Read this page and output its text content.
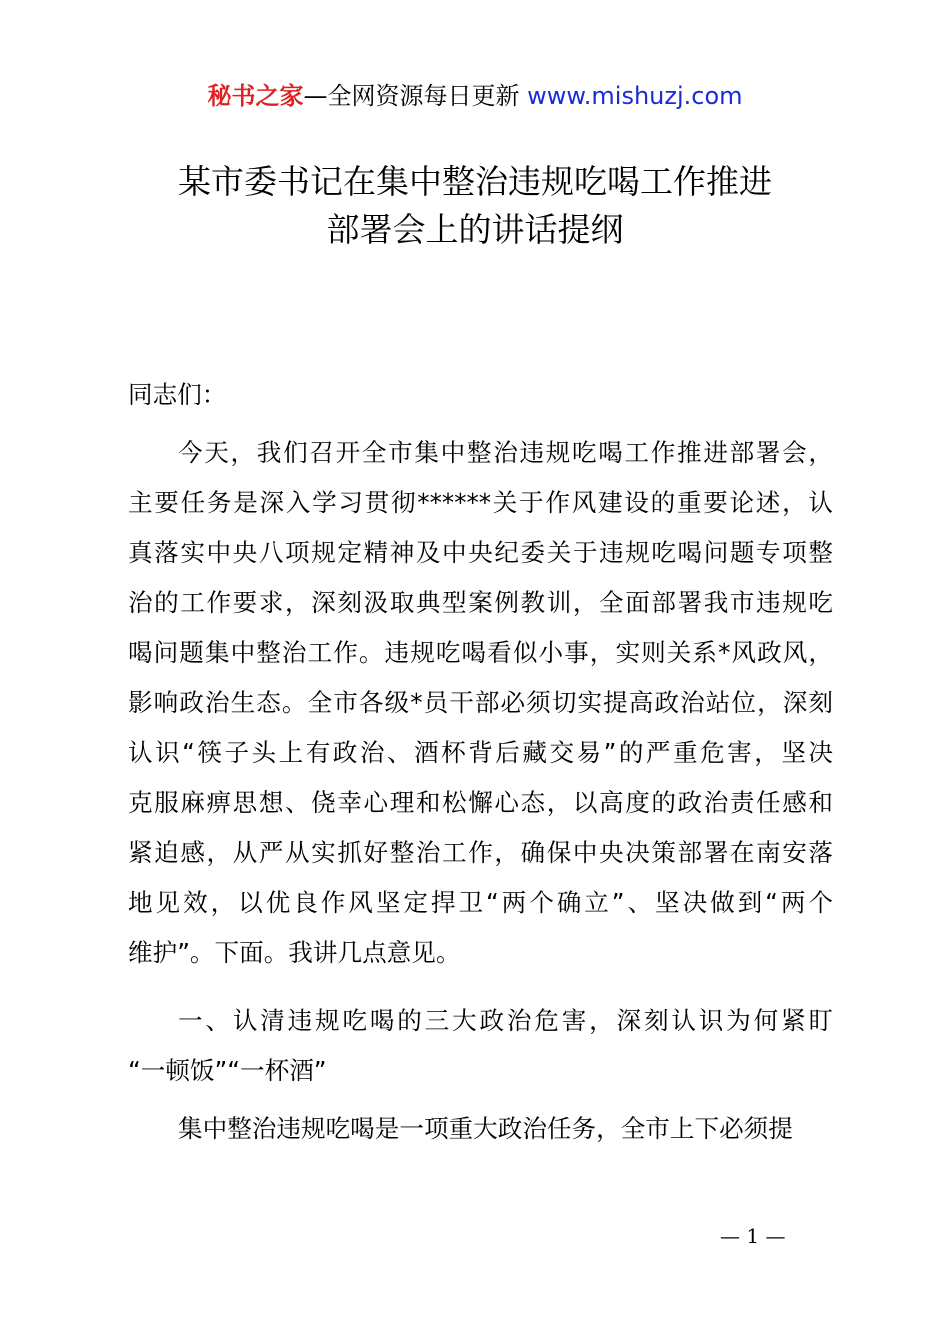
秘书之家—全网资源每日更新 www.mishuzj.com
某市委书记在集中整治违规吃喝工作推进
部署会上的讲话提纲
同志们：
今天，我们召开全市集中整治违规吃喝工作推进部署会，
主要任务是深入学习贯彻******关于作风建设的重要论述，认
真落实中央八项规定精神及中央纪委关于违规吃喝问题专项整
治的工作要求，深刻汲取典型案例教训，全面部署我市违规吃
喝问题集中整治工作。违规吃喝看似小事，实则关系*风政风，
影响政治生态。全市各级*员干部必须切实提高政治站位，深刻
认识“筷子头上有政治、酒杯背后藏交易”的严重危害，坚决
克服麻痹思想、侥幸心理和松懈心态，以高度的政治责任感和
紧迫感，从严从实抓好整治工作，确保中央决策部署在南安落
地见效，以优良作风坚定捍卫“两个确立”、坚决做到“两个
维护”。下面。我讲几点意见。
一、认清违规吃喝的三大政治危害，深刻认识为何紧盯
“一顿饭”“一杯酒”
集中整治违规吃喝是一项重大政治任务，全市上下必须提
— 1 —
